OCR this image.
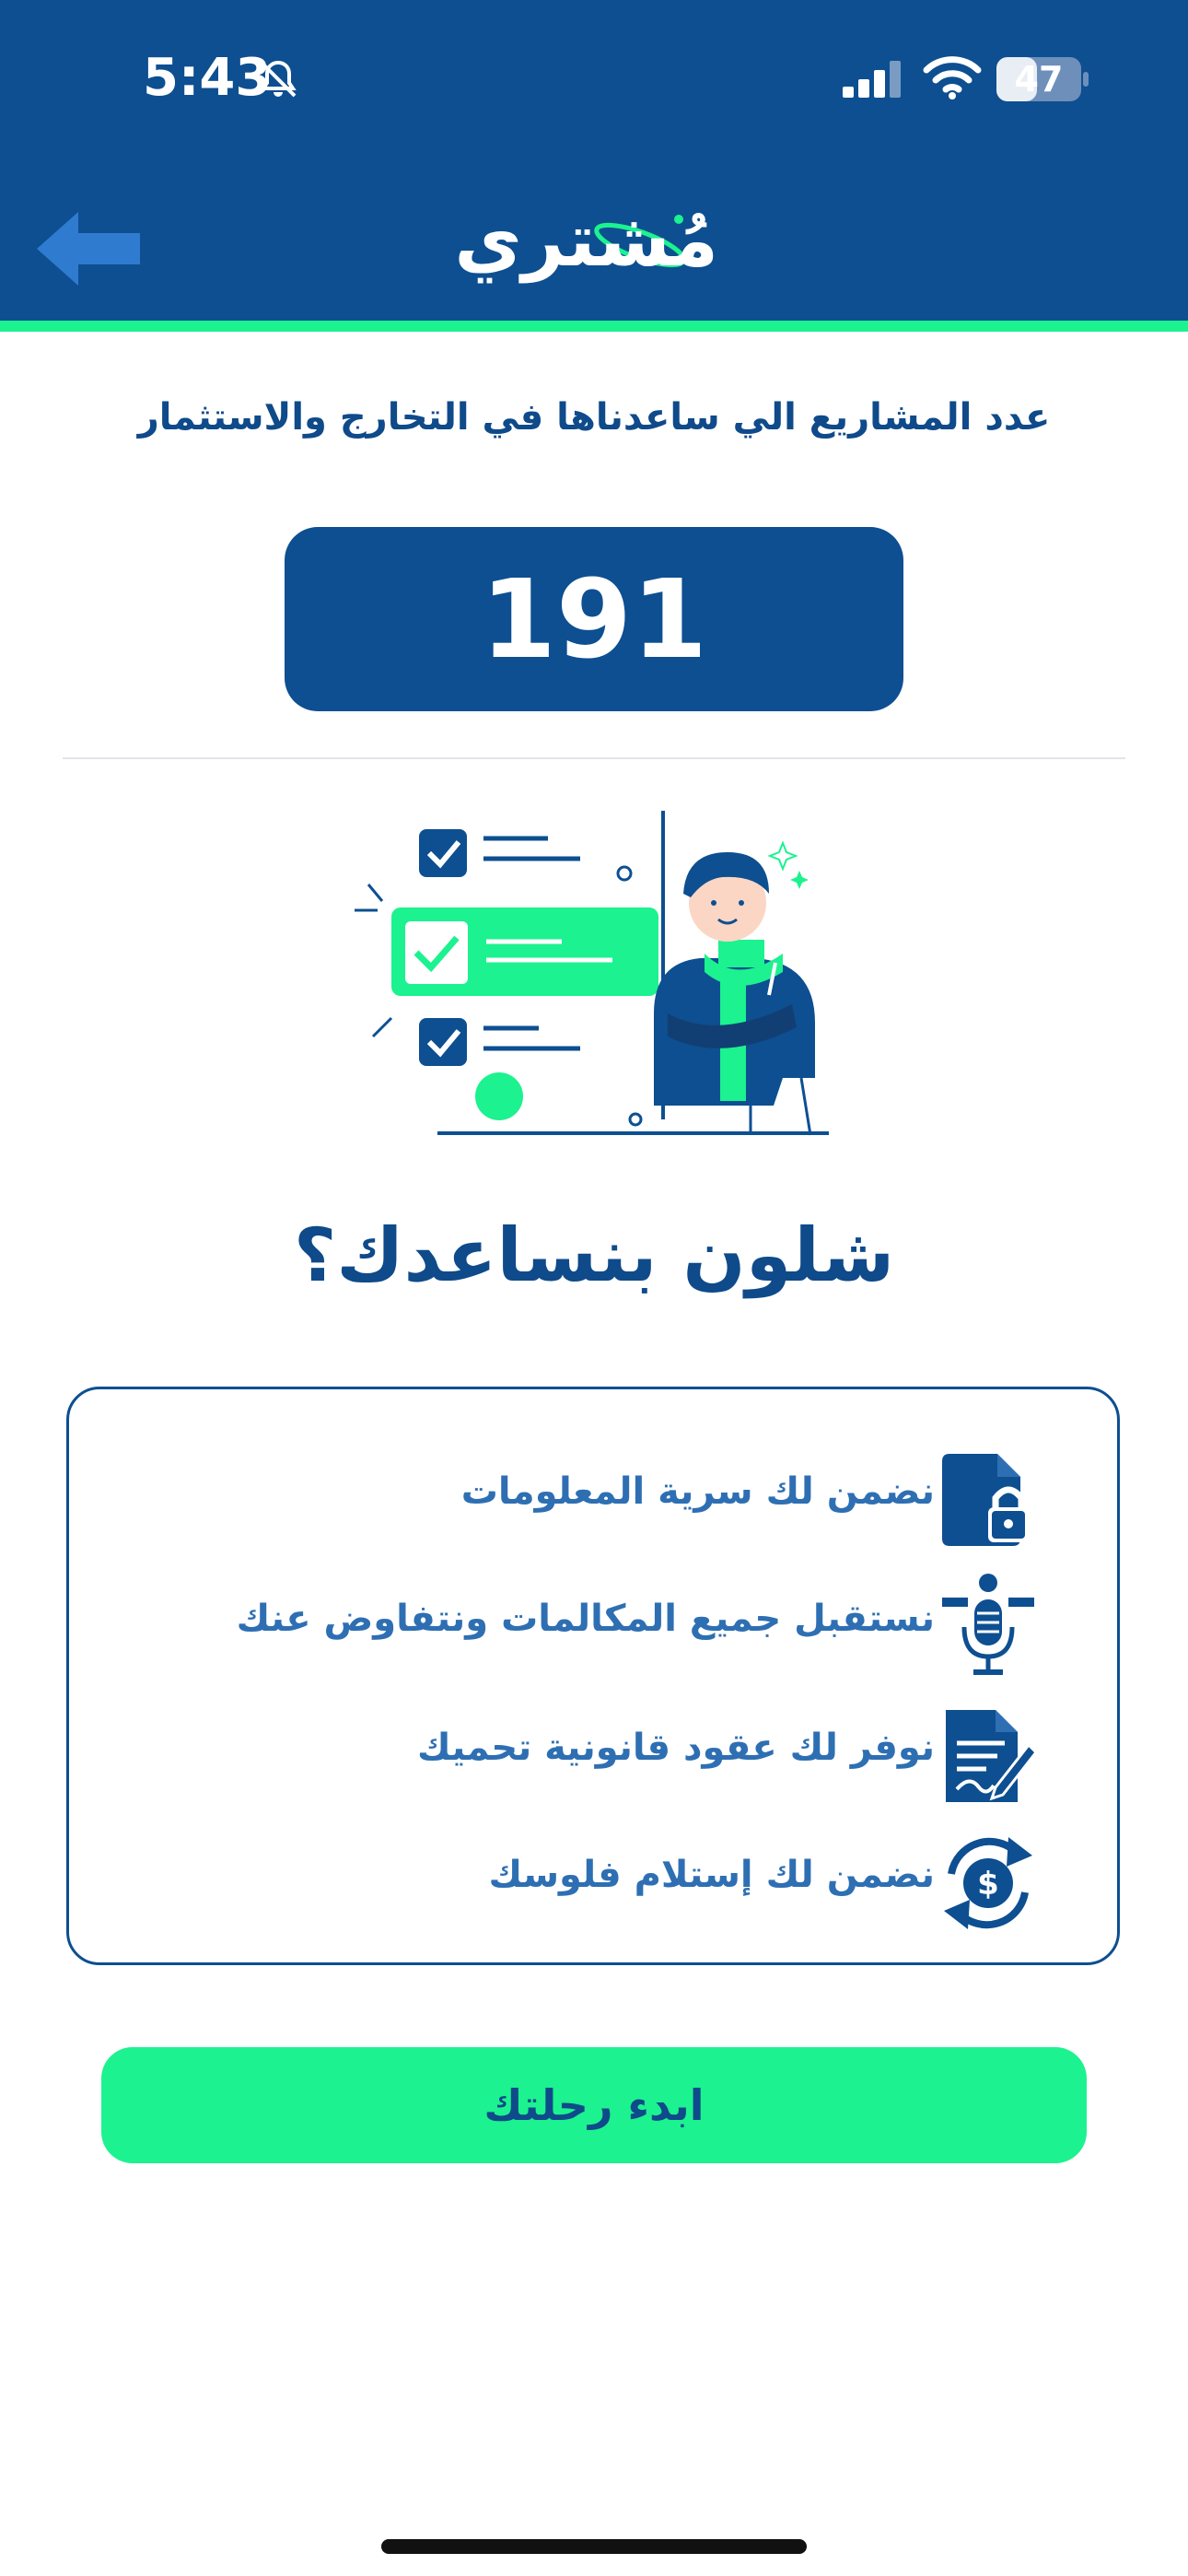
5:43	47
مُشتري
عدد المشاريع الي ساعدناها في التخارج والاستثمار
191
شلون بنساعدك؟
نضمن لك سرية المعلومات
نستقبل جميع المكالمات ونتفاوض عنك
نوفر لك عقود قانونية تحميك
$
نضمن لك إستلام فلوسك
ابدء رحلتك
